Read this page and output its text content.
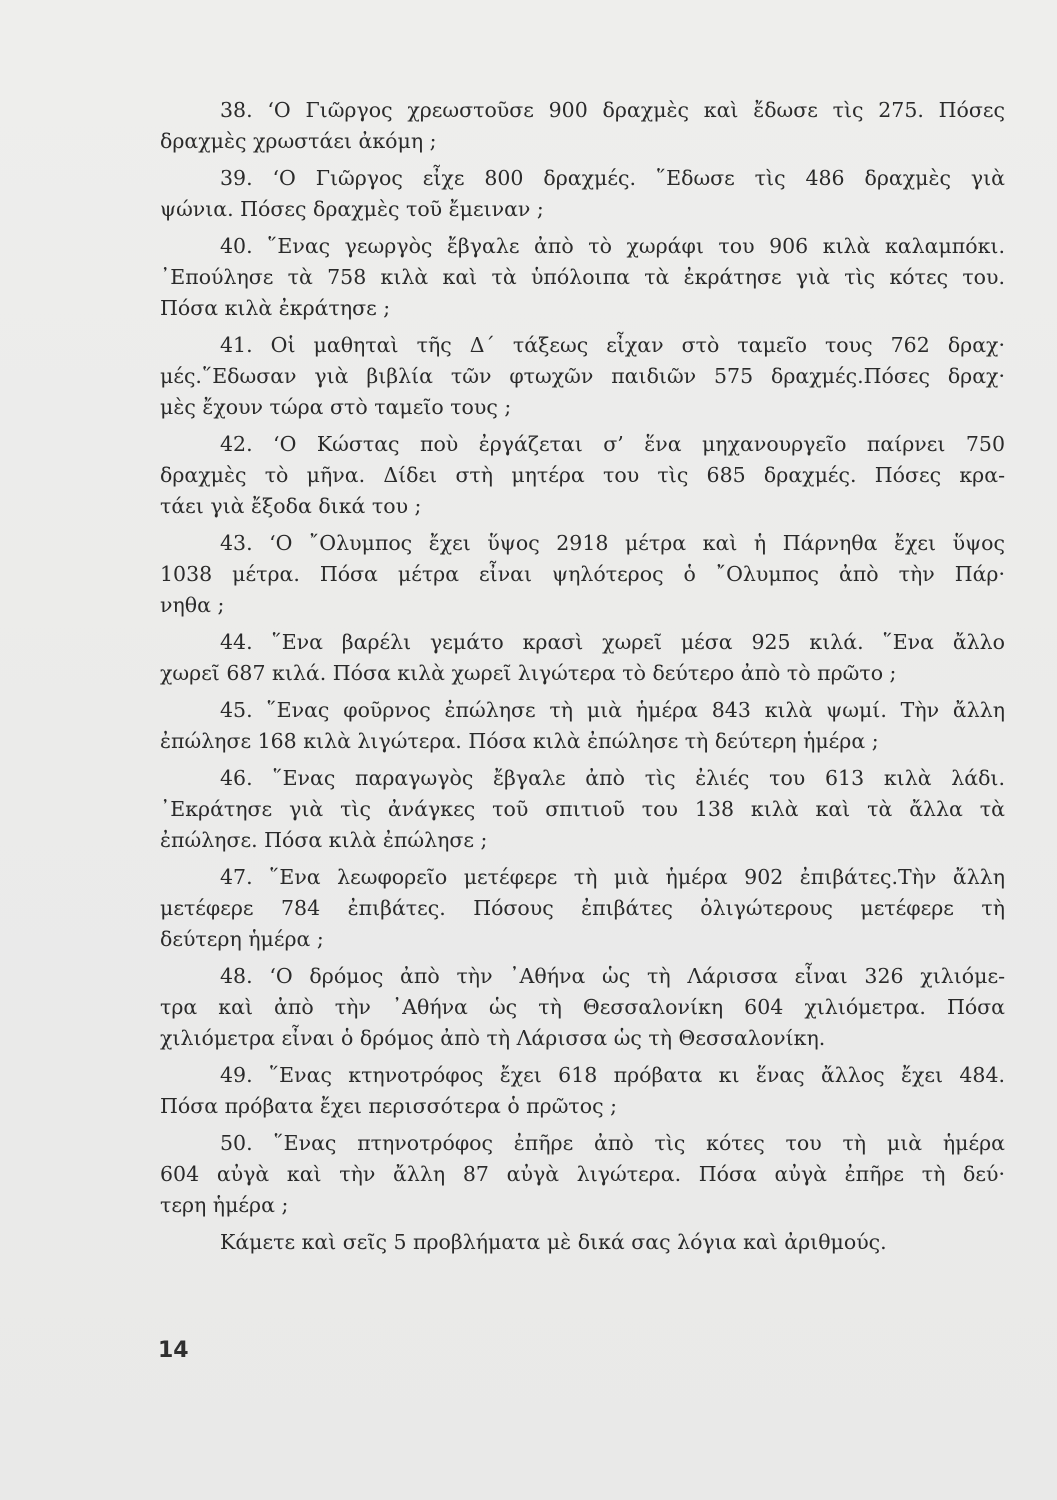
38. ‘Ο Γιῶργος χρεωστοῦσε 900 δραχμὲς καὶ ἔδωσε τὶς 275. Πόσες
δραχμὲς χρωστάει ἀκόμη ;
39. ‘Ο Γιῶργος εἶχε 800 δραχμές. ῞Εδωσε τὶς 486 δραχμὲς γιὰ
ψώνια. Πόσες δραχμὲς τοῦ ἔμειναν ;
40. ῞Ενας γεωργὸς ἔβγαλε ἀπὸ τὸ χωράφι του 906 κιλὰ καλαμπόκι.
᾿Επούλησε τὰ 758 κιλὰ καὶ τὰ ὑπόλοιπα τὰ ἐκράτησε γιὰ τὶς κότες του.
Πόσα κιλὰ ἐκράτησε ;
41. Οἱ μαθηταὶ τῆς Δ΄ τάξεως εἶχαν στὸ ταμεῖο τους 762 δραχ·
μές.῞Εδωσαν γιὰ βιβλία τῶν φτωχῶν παιδιῶν 575 δραχμές.Πόσες δραχ·
μὲς ἔχουν τώρα στὸ ταμεῖο τους ;
42. ‘Ο Κώστας ποὺ ἐργάζεται σ’ ἕνα μηχανουργεῖο παίρνει 750
δραχμὲς τὸ μῆνα. Δίδει στὴ μητέρα του τὶς 685 δραχμές. Πόσες κρα-
τάει γιὰ ἔξοδα δικά του ;
43. ‘Ο ῎Ολυμπος ἔχει ὕψος 2918 μέτρα καὶ ἡ Πάρνηθα ἔχει ὕψος
1038 μέτρα. Πόσα μέτρα εἶναι ψηλότερος ὁ ῎Ολυμπος ἀπὸ τὴν Πάρ·
νηθα ;
44. ῞Ενα βαρέλι γεμάτο κρασὶ χωρεῖ μέσα 925 κιλά. ῞Ενα ἄλλο
χωρεῖ 687 κιλά. Πόσα κιλὰ χωρεῖ λιγώτερα τὸ δεύτερο ἀπὸ τὸ πρῶτο ;
45. ῞Ενας φοῦρνος ἐπώλησε τὴ μιὰ ἡμέρα 843 κιλὰ ψωμί. Τὴν ἄλλη
ἐπώλησε 168 κιλὰ λιγώτερα. Πόσα κιλὰ ἐπώλησε τὴ δεύτερη ἡμέρα ;
46. ῞Ενας παραγωγὸς ἔβγαλε ἀπὸ τὶς ἐλιές του 613 κιλὰ λάδι.
᾿Εκράτησε γιὰ τὶς ἀνάγκες τοῦ σπιτιοῦ του 138 κιλὰ καὶ τὰ ἄλλα τὰ
ἐπώλησε. Πόσα κιλὰ ἐπώλησε ;
47. ῞Ενα λεωφορεῖο μετέφερε τὴ μιὰ ἡμέρα 902 ἐπιβάτες.Τὴν ἄλλη
μετέφερε 784 ἐπιβάτες. Πόσους ἐπιβάτες ὀλιγώτερους μετέφερε τὴ
δεύτερη ἡμέρα ;
48. ‘Ο δρόμος ἀπὸ τὴν ᾿Αθήνα ὡς τὴ Λάρισσα εἶναι 326 χιλιόμε-
τρα καὶ ἀπὸ τὴν ᾿Αθήνα ὡς τὴ Θεσσαλονίκη 604 χιλιόμετρα. Πόσα
χιλιόμετρα εἶναι ὁ δρόμος ἀπὸ τὴ Λάρισσα ὡς τὴ Θεσσαλονίκη.
49. ῞Ενας κτηνοτρόφος ἔχει 618 πρόβατα κι ἕνας ἄλλος ἔχει 484.
Πόσα πρόβατα ἔχει περισσότερα ὁ πρῶτος ;
50. ῞Ενας πτηνοτρόφος ἐπῆρε ἀπὸ τὶς κότες του τὴ μιὰ ἡμέρα
604 αὐγὰ καὶ τὴν ἄλλη 87 αὐγὰ λιγώτερα. Πόσα αὐγὰ ἐπῆρε τὴ δεύ·
τερη ἡμέρα ;
Κάμετε καὶ σεῖς 5 προβλήματα μὲ δικά σας λόγια καὶ ἀριθμούς.
14
